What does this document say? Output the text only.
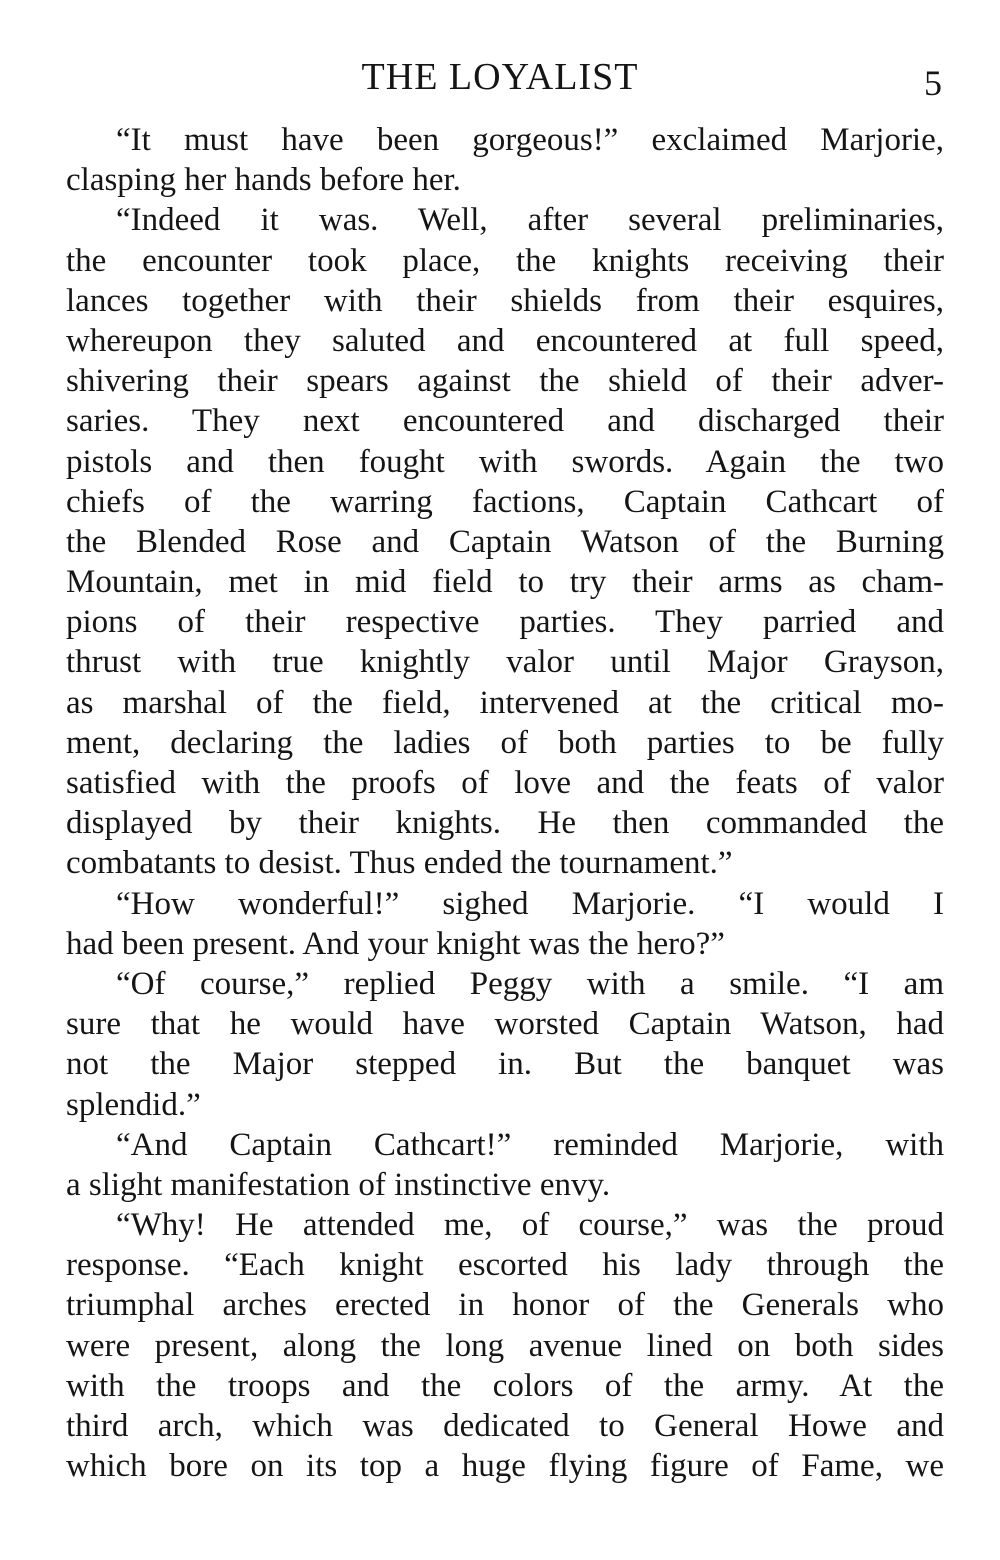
THE LOYALIST	5
“It must have been gorgeous!” exclaimed Marjorie,
clasping her hands before her.
“Indeed it was. Well, after several preliminaries,
the encounter took place, the knights receiving their
lances together with their shields from their esquires,
whereupon they saluted and encountered at full speed,
shivering their spears against the shield of their adver-
saries. They next encountered and discharged their
pistols and then fought with swords. Again the two
chiefs of the warring factions, Captain Cathcart of
the Blended Rose and Captain Watson of the Burning
Mountain, met in mid field to try their arms as cham-
pions of their respective parties. They parried and
thrust with true knightly valor until Major Grayson,
as marshal of the field, intervened at the critical mo-
ment, declaring the ladies of both parties to be fully
satisfied with the proofs of love and the feats of valor
displayed by their knights. He then commanded the
combatants to desist. Thus ended the tournament.”
“How wonderful!” sighed Marjorie. “I would I
had been present. And your knight was the hero?”
“Of course,” replied Peggy with a smile. “I am
sure that he would have worsted Captain Watson, had
not the Major stepped in. But the banquet was
splendid.”
“And Captain Cathcart!” reminded Marjorie, with
a slight manifestation of instinctive envy.
“Why! He attended me, of course,” was the proud
response. “Each knight escorted his lady through the
triumphal arches erected in honor of the Generals who
were present, along the long avenue lined on both sides
with the troops and the colors of the army. At the
third arch, which was dedicated to General Howe and
which bore on its top a huge flying figure of Fame, we
